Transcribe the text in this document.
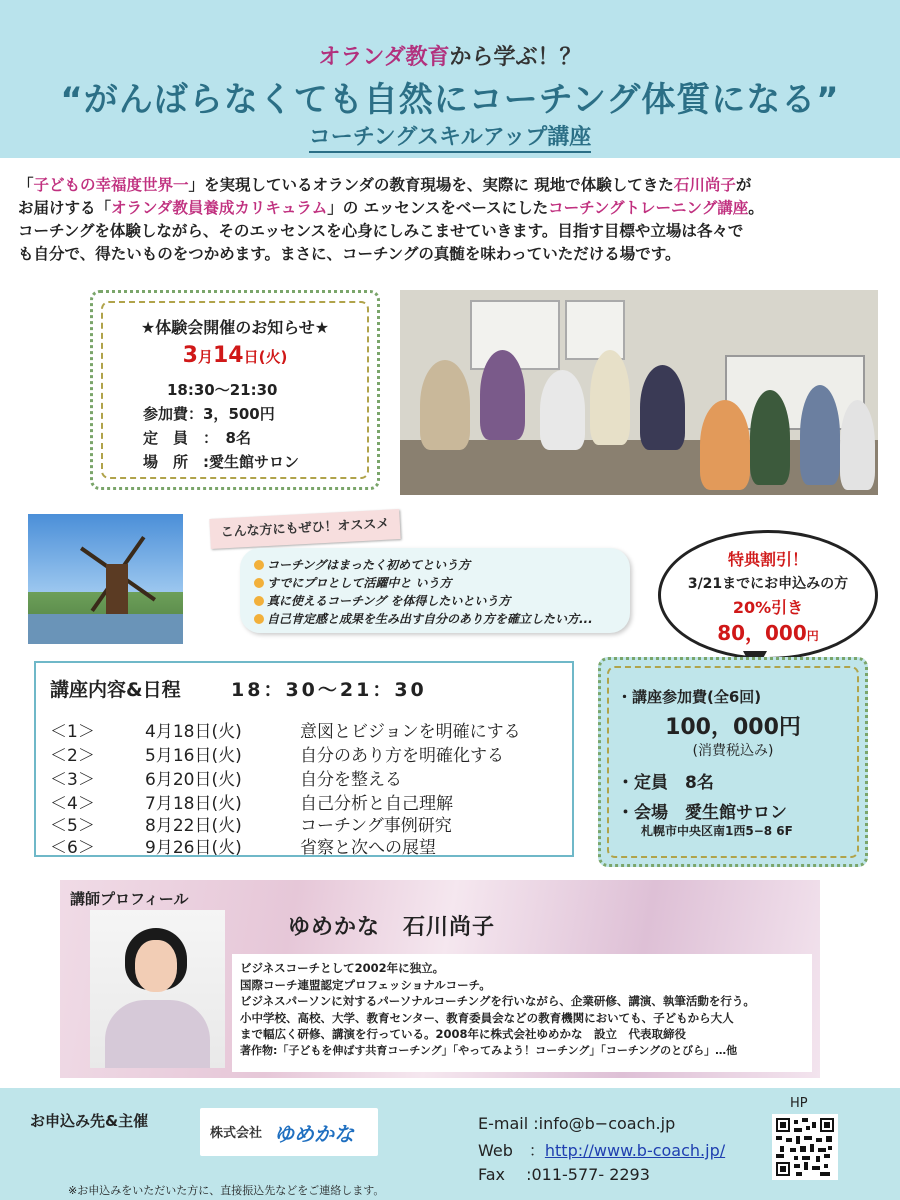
オランダ教育から学ぶ！？
“がんばらなくても自然にコーチング体質になる”
コーチングスキルアップ講座
「子どもの幸福度世界一」を実現しているオランダの教育現場を、実際に 現地で体験してきた石川尚子が
お届けする「オランダ教員養成カリキュラム」の エッセンスをベースにしたコーチングトレーニング講座。
コーチングを体験しながら、そのエッセンスを心身にしみこませていきます。目指す目標や立場は各々で
も自分で、得たいものをつかめます。まさに、コーチングの真髄を味わっていただける場です。
★体験会開催のお知らせ★
3月14日(火)
18:30〜21:30
参加費：3，500円
定　員　：　8名
場　所　:愛生館サロン
こんな方にもぜひ！オススメ
コーチングはまったく初めてという方
すでにプロとして活躍中と いう方
真に使えるコーチング を体得したいという方
自己肯定感と成果を生み出す自分のあり方を確立したい方...
特典割引！
3/21までにお申込みの方
20%引き
80，000円
講座内容&日程	18：30〜21：30
＜1＞	4月18日(火)	意図とビジョンを明確にする
＜2＞	5月16日(火)	自分のあり方を明確化する
＜3＞	6月20日(火)	自分を整える
＜4＞	7月18日(火)	自己分析と自己理解
＜5＞	8月22日(火)	コーチング事例研究
＜6＞	9月26日(火)	省察と次への展望
・講座参加費(全6回)
100，000円
(消費税込み)
・定員　8名
・会場　愛生館サロン
札幌市中央区南1西5−8 6F
講師プロフィール
ゆめかな　石川尚子
ビジネスコーチとして2002年に独立。
国際コーチ連盟認定プロフェッショナルコーチ。
ビジネスパーソンに対するパーソナルコーチングを行いながら、企業研修、講演、執筆活動を行う。
小中学校、高校、大学、教育センター、教育委員会などの教育機関においても、子どもから大人
まで幅広く研修、講演を行っている。2008年に株式会社ゆめかな　設立　代表取締役
著作物:「子どもを伸ばす共育コーチング」「やってみよう！コーチング」「コーチングのとびら」…他
お申込み先&主催
株式会社 ゆめかな	E-mail :info@b−coach.jp
Web　：http://www.b-coach.jp/
Fax　 :011-577- 2293
HP
※お申込みをいただいた方に、直接振込先などをご連絡します。
